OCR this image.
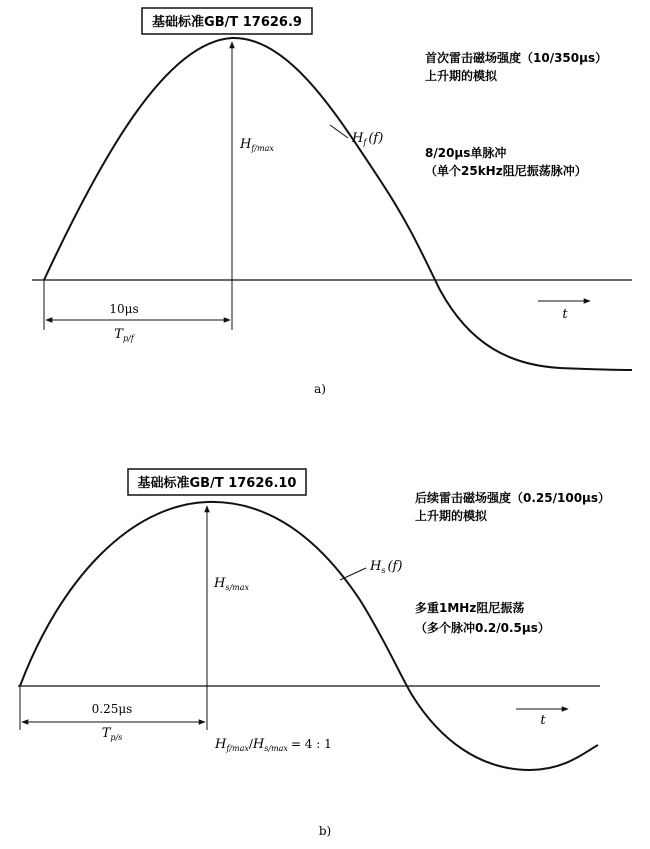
基础标准GB/T 17626.9
Hf/max
Hf (f)
10μs
Tp/f
t
首次雷击磁场强度（10/350μs）
上升期的模拟
8/20μs单脉冲
（单个25kHz阻尼振荡脉冲）
a)
基础标准GB/T 17626.10
Hs/max
Hs (f)
0.25μs
Tp/s	Hf/max/Hs/max = 4 : 1
t
后续雷击磁场强度（0.25/100μs）
上升期的模拟
多重1MHz阻尼振荡
（多个脉冲0.2/0.5μs）
b)
